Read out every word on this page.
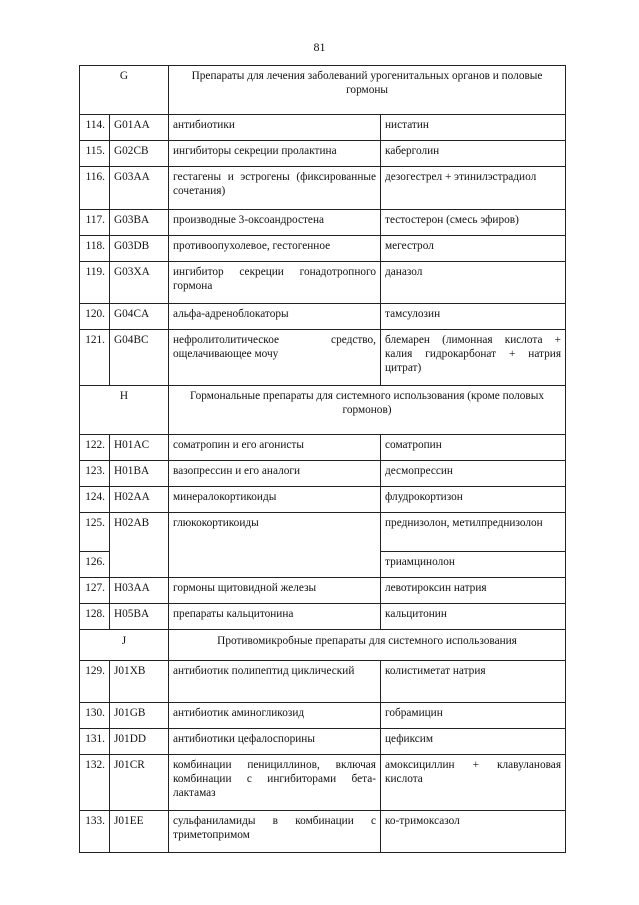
81
G		Препараты для лечения заболеваний урогенитальных органов и половые гормоны	
114.	G01AA	антибиотики	нистатин
115.	G02CB	ингибиторы секреции пролактина	каберголин
116.	G03AA	гестагены и эстрогены (фиксированные сочетания)	дезогестрел + этинилэстрадиол
117.	G03BA	производные 3-оксоандростена	тестостерон (смесь эфиров)
118.	G03DB	противоопухолевое, гестогенное	мегестрол
119.	G03XA	ингибитор секреции гонадотропного гормона	даназол
120.	G04CA	альфа-адреноблокаторы	тамсулозин
121.	G04BC	нефролитолитическое средство, ощелачивающее мочу	блемарен (лимонная кислота + калия гидрокарбонат + натрия цитрат)
H		Гормональные препараты для системного использования (кроме половых гормонов)	
122.	H01AC	соматропин и его агонисты	соматропин
123.	H01BA	вазопрессин и его аналоги	десмопрессин
124.	H02AA	минералокортикоиды	флудрокортизон
125.	H02AB	глюкокортикоиды	преднизолон, метилпреднизолон
126.			триамцинолон
127.	H03AA	гормоны щитовидной железы	левотироксин натрия
128.	H05BA	препараты кальцитонина	кальцитонин
J		Противомикробные препараты для системного использования	
129.	J01XB	антибиотик полипептид циклический	колистиметат натрия
130.	J01GB	антибиотик аминогликозид	гобрамицин
131.	J01DD	антибиотики цефалоспорины	цефиксим
132.	J01CR	комбинации пенициллинов, включая комбинации с ингибиторами бета-лактамаз	амоксициллин + клавулановая кислота
133.	J01EE	сульфаниламиды в комбинации с триметопримом	ко-тримоксазол
